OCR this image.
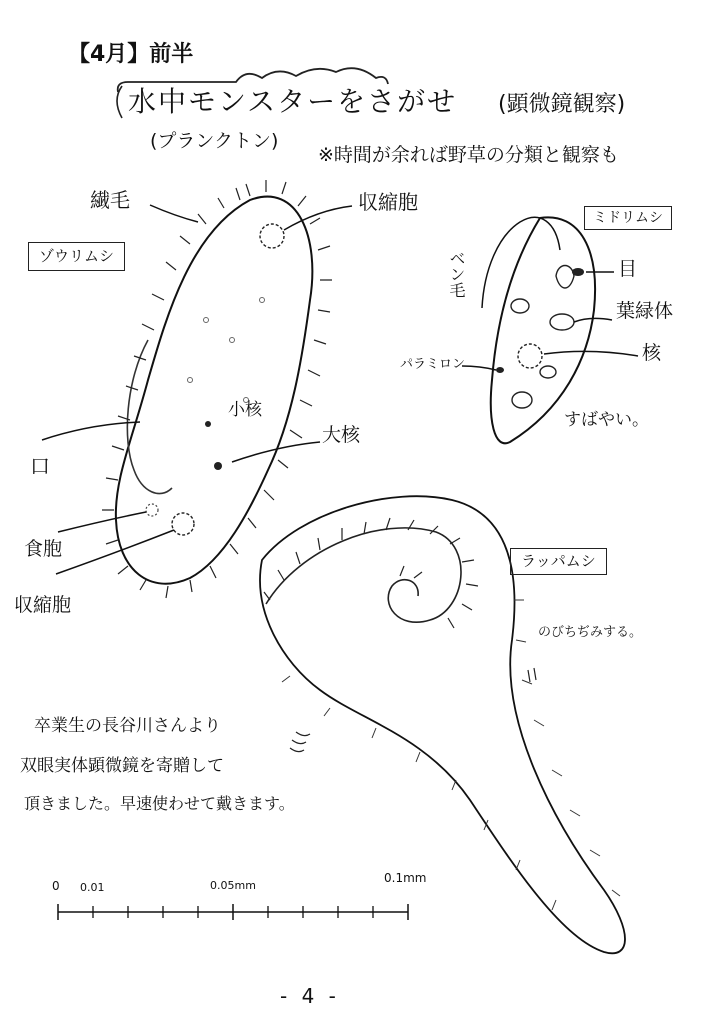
【4月】前半
水中モンスターをさがせ (顕微鏡観察)
(プランクトン)
※時間が余れば野草の分類と観察も
ゾウリムシ
繊毛	収縮胞
小核
大核
口
食胞
収縮胞
ミドリムシ
ベン毛	目
葉緑体
パラミロン
核
すばやい。
ラッパムシ
のびちぢみする。
卒業生の長谷川さんより
双眼実体顕微鏡を寄贈して
頂きました。早速使わせて戴きます。
0 0.01	0.05mm
0.1mm
- 4 -
